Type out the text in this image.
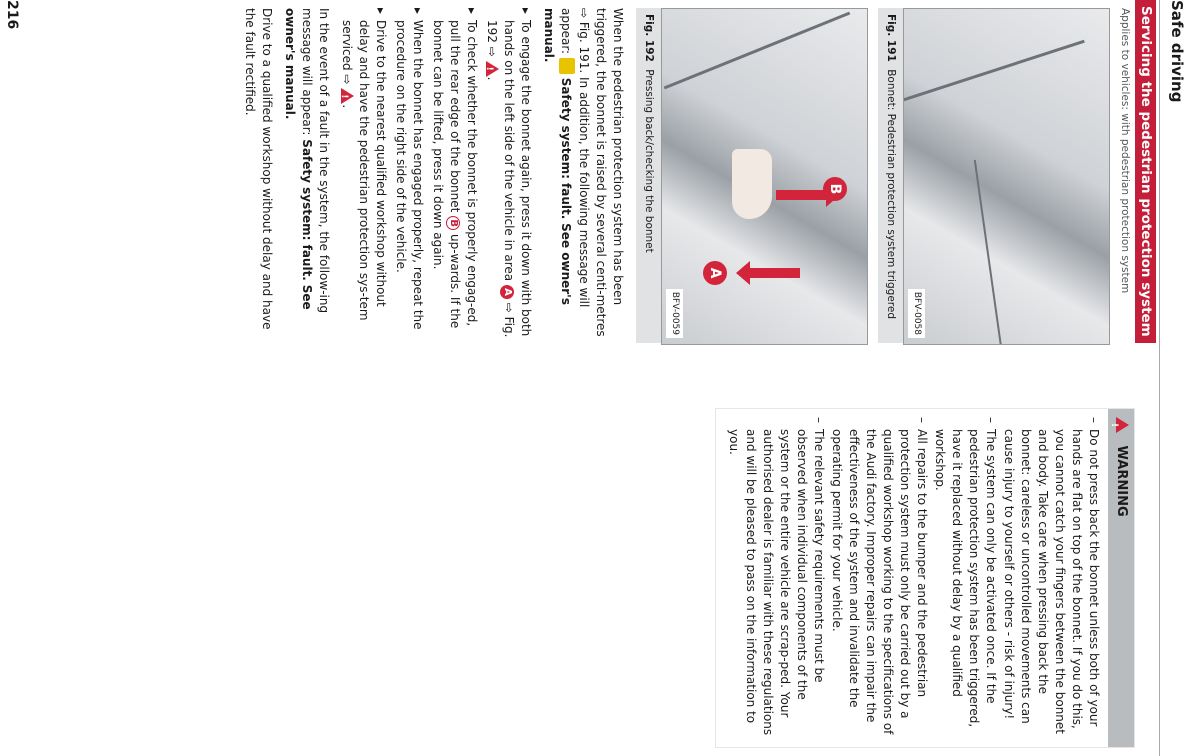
Safe driving
Servicing the pedestrian protection system
Applies to vehicles: with pedestrian protection system
BFV-0058
Fig. 191 Bonnet: Pedestrian protection system triggered
B
A
BFV-0059
Fig. 192 Pressing back/checking the bonnet

When the pedestrian protection system has been triggered, the bonnet is raised by several centi-metres ⇨ Fig. 191. In addition, the following message will appear:  Safety system: fault. See owner's manual.

▸ To engage the bonnet again, press it down with both hands on the left side of the vehicle in area A ⇨ Fig. 192 ⇨ !.
▸ To check whether the bonnet is properly engag-ed, pull the rear edge of the bonnet B up-wards. If the bonnet can be lifted, press it down again.
▸ When the bonnet has engaged properly, repeat the procedure on the right side of the vehicle.
▸ Drive to the nearest qualified workshop without delay and have the pedestrian protection sys-tem serviced ⇨ !.

In the event of a fault in the system, the follow-ing message will appear: Safety system: fault. See owner's manual.

Drive to a qualified workshop without delay and have the fault rectified.

! WARNING
– Do not press back the bonnet unless both of your hands are flat on top of the bonnet. If you do this, you cannot catch your fingers between the bonnet and body. Take care when pressing back the bonnet: careless or uncontrolled movements can cause injury to yourself or others - risk of injury!
– The system can only be activated once. If the pedestrian protection system has been triggered, have it replaced without delay by a qualified workshop.
– All repairs to the bumper and the pedestrian protection system must only be carried out by a qualified workshop working to the specifications of the Audi factory. Improper repairs can impair the effectiveness of the system and invalidate the operating permit for your vehicle.
– The relevant safety requirements must be observed when individual components of the system or the entire vehicle are scrap-ped. Your authorised dealer is familiar with these regulations and will be pleased to pass on the information to you.
216
